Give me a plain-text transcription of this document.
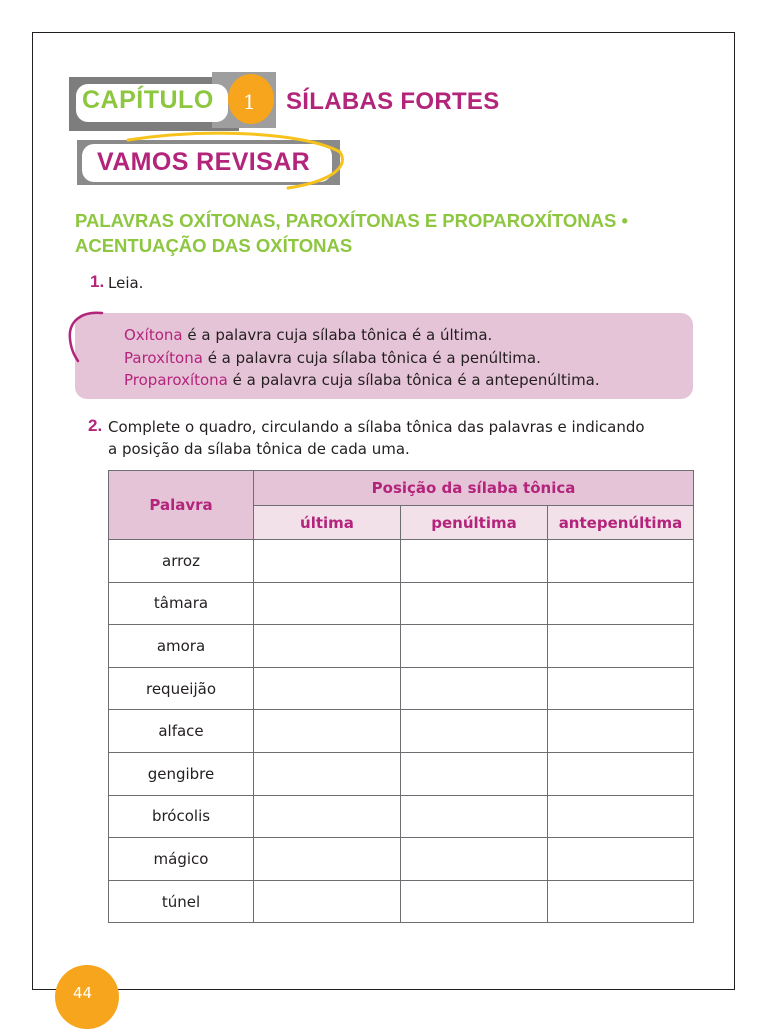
CAPÍTULO 1 SÍLABAS FORTES
VAMOS REVISAR
PALAVRAS OXÍTONAS, PAROXÍTONAS E PROPAROXÍTONAS •
ACENTUAÇÃO DAS OXÍTONAS
1. Leia.
Oxítona é a palavra cuja sílaba tônica é a última.
Paroxítona é a palavra cuja sílaba tônica é a penúltima.
Proparoxítona é a palavra cuja sílaba tônica é a antepenúltima.
2. Complete o quadro, circulando a sílaba tônica das palavras e indicando
a posição da sílaba tônica de cada uma.
Palavra	Posição da sílaba tônica		
	última	penúltima	antepenúltima
arroz			
tâmara			
amora			
requeijão			
alface			
gengibre			
brócolis			
mágico			
túnel			
44
